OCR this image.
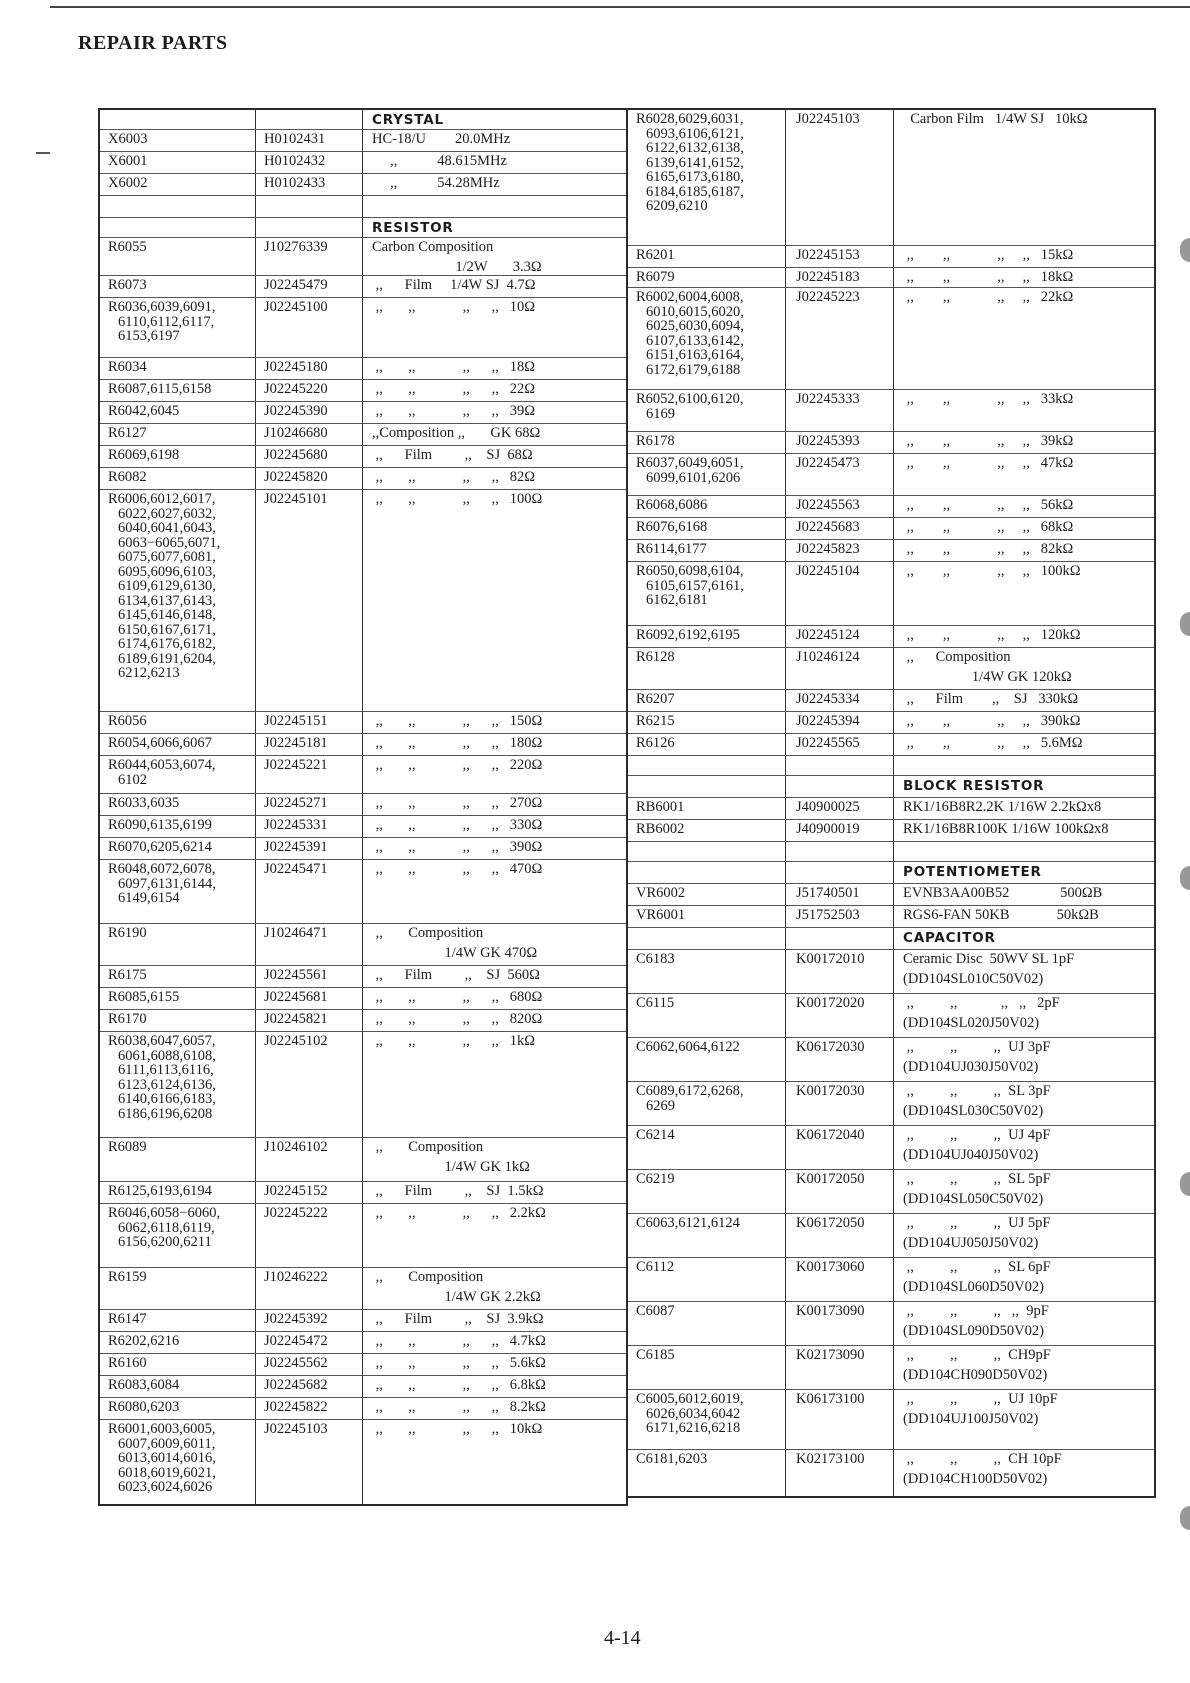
REPAIR PARTS
CRYSTAL
X6003	H0102431	HC-18/U        20.0MHz
X6001	H0102432	,,           48.615MHz
X6002	H0102433	,,           54.28MHz
RESISTOR
R6055	J10276339	Carbon Composition
1/2W       3.3Ω
R6073	J02245479	,,      Film     1/4W SJ  4.7Ω
R6036,6039,6091,
6110,6112,6117,
6153,6197
J02245100	,,       ,,             ,,      ,,   10Ω
R6034	J02245180	,,       ,,             ,,      ,,   18Ω
R6087,6115,6158	J02245220	,,       ,,             ,,      ,,   22Ω
R6042,6045	J02245390	,,       ,,             ,,      ,,   39Ω
R6127	J10246680	,,Composition ,,       GK 68Ω
R6069,6198	J02245680	,,      Film         ,,    SJ  68Ω
R6082	J02245820	,,       ,,             ,,      ,,   82Ω
R6006,6012,6017,
6022,6027,6032,
6040,6041,6043,
6063−6065,6071,
6075,6077,6081,
6095,6096,6103,
6109,6129,6130,
6134,6137,6143,
6145,6146,6148,
6150,6167,6171,
6174,6176,6182,
6189,6191,6204,
6212,6213
J02245101	,,       ,,             ,,      ,,   100Ω
R6056	J02245151	,,       ,,             ,,      ,,   150Ω
R6054,6066,6067	J02245181	,,       ,,             ,,      ,,   180Ω
R6044,6053,6074,
6102
J02245221	,,       ,,             ,,      ,,   220Ω
R6033,6035	J02245271	,,       ,,             ,,      ,,   270Ω
R6090,6135,6199	J02245331	,,       ,,             ,,      ,,   330Ω
R6070,6205,6214	J02245391	,,       ,,             ,,      ,,   390Ω
R6048,6072,6078,
6097,6131,6144,
6149,6154
J02245471	,,       ,,             ,,      ,,   470Ω
R6190	J10246471	,,       Composition
1/4W GK 470Ω
R6175	J02245561	,,      Film         ,,    SJ  560Ω
R6085,6155	J02245681	,,       ,,             ,,      ,,   680Ω
R6170	J02245821	,,       ,,             ,,      ,,   820Ω
R6038,6047,6057,
6061,6088,6108,
6111,6113,6116,
6123,6124,6136,
6140,6166,6183,
6186,6196,6208
J02245102	,,       ,,             ,,      ,,   1kΩ
R6089	J10246102	,,       Composition
1/4W GK 1kΩ
R6125,6193,6194	J02245152	,,      Film         ,,    SJ  1.5kΩ
R6046,6058−6060,
6062,6118,6119,
6156,6200,6211
J02245222	,,       ,,             ,,      ,,   2.2kΩ
R6159	J10246222	,,       Composition
1/4W GK 2.2kΩ
R6147	J02245392	,,      Film         ,,    SJ  3.9kΩ
R6202,6216	J02245472	,,       ,,             ,,      ,,   4.7kΩ
R6160	J02245562	,,       ,,             ,,      ,,   5.6kΩ
R6083,6084	J02245682	,,       ,,             ,,      ,,   6.8kΩ
R6080,6203	J02245822	,,       ,,             ,,      ,,   8.2kΩ
R6001,6003,6005,
6007,6009,6011,
6013,6014,6016,
6018,6019,6021,
6023,6024,6026
J02245103	,,       ,,             ,,      ,,   10kΩ
R6028,6029,6031,
6093,6106,6121,
6122,6132,6138,
6139,6141,6152,
6165,6173,6180,
6184,6185,6187,
6209,6210
J02245103	Carbon Film   1/4W SJ   10kΩ
R6201	J02245153	,,        ,,             ,,     ,,   15kΩ
R6079	J02245183	,,        ,,             ,,     ,,   18kΩ
R6002,6004,6008,
6010,6015,6020,
6025,6030,6094,
6107,6133,6142,
6151,6163,6164,
6172,6179,6188
J02245223	,,        ,,             ,,     ,,   22kΩ
R6052,6100,6120,
6169
J02245333	,,        ,,             ,,     ,,   33kΩ
R6178	J02245393	,,        ,,             ,,     ,,   39kΩ
R6037,6049,6051,
6099,6101,6206
J02245473	,,        ,,             ,,     ,,   47kΩ
R6068,6086	J02245563	,,        ,,             ,,     ,,   56kΩ
R6076,6168	J02245683	,,        ,,             ,,     ,,   68kΩ
R6114,6177	J02245823	,,        ,,             ,,     ,,   82kΩ
R6050,6098,6104,
6105,6157,6161,
6162,6181
J02245104	,,        ,,             ,,     ,,   100kΩ
R6092,6192,6195	J02245124	,,        ,,             ,,     ,,   120kΩ
R6128	J10246124	,,      Composition
1/4W GK 120kΩ
R6207	J02245334	,,      Film        ,,    SJ   330kΩ
R6215	J02245394	,,        ,,             ,,     ,,   390kΩ
R6126	J02245565	,,        ,,             ,,     ,,   5.6MΩ
BLOCK RESISTOR
RB6001	J40900025	RK1/16B8R2.2K 1/16W 2.2kΩx8
RB6002	J40900019	RK1/16B8R100K 1/16W 100kΩx8
POTENTIOMETER
VR6002	J51740501	EVNB3AA00B52              500ΩB
VR6001	J51752503	RGS6-FAN 50KB             50kΩB
CAPACITOR
C6183	K00172010	Ceramic Disc  50WV SL 1pF
(DD104SL010C50V02)
C6115	K00172020	,,          ,,            ,,   ,,   2pF
(DD104SL020J50V02)
C6062,6064,6122	K06172030	,,          ,,          ,,  UJ 3pF
(DD104UJ030J50V02)
C6089,6172,6268,
6269
K00172030	,,          ,,          ,,  SL 3pF
(DD104SL030C50V02)
C6214	K06172040	,,          ,,          ,,  UJ 4pF
(DD104UJ040J50V02)
C6219	K00172050	,,          ,,          ,,  SL 5pF
(DD104SL050C50V02)
C6063,6121,6124	K06172050	,,          ,,          ,,  UJ 5pF
(DD104UJ050J50V02)
C6112	K00173060	,,          ,,          ,,  SL 6pF
(DD104SL060D50V02)
C6087	K00173090	,,          ,,          ,,   ,,  9pF
(DD104SL090D50V02)
C6185	K02173090	,,          ,,          ,,  CH9pF
(DD104CH090D50V02)
C6005,6012,6019,
6026,6034,6042
6171,6216,6218
K06173100	,,          ,,          ,,  UJ 10pF
(DD104UJ100J50V02)
C6181,6203	K02173100	,,          ,,          ,,  CH 10pF
(DD104CH100D50V02)
4-14
